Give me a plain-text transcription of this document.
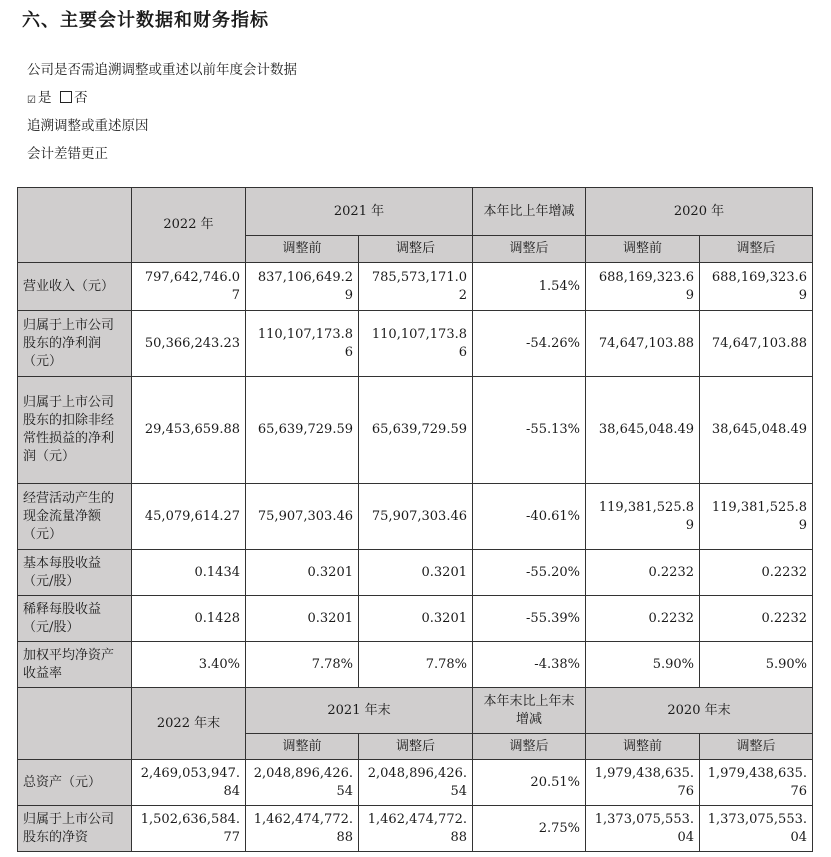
六、主要会计数据和财务指标
公司是否需追溯调整或重述以前年度会计数据
☑ 是 否
追溯调整或重述原因
会计差错更正
	2022 年	2021 年		本年比上年增减	2020 年	
		调整前	调整后	调整后	调整前	调整后
营业收入（元）	797,642,746.07	837,106,649.29	785,573,171.02	1.54%	688,169,323.69	688,169,323.69
归属于上市公司股东的净利润（元）	50,366,243.23	110,107,173.86	110,107,173.86	-54.26%	74,647,103.88	74,647,103.88
归属于上市公司股东的扣除非经常性损益的净利润（元）	29,453,659.88	65,639,729.59	65,639,729.59	-55.13%	38,645,048.49	38,645,048.49
经营活动产生的现金流量净额（元）	45,079,614.27	75,907,303.46	75,907,303.46	-40.61%	119,381,525.89	119,381,525.89
基本每股收益（元/股）	0.1434	0.3201	0.3201	-55.20%	0.2232	0.2232
稀释每股收益（元/股）	0.1428	0.3201	0.3201	-55.39%	0.2232	0.2232
加权平均净资产收益率	3.40%	7.78%	7.78%	-4.38%	5.90%	5.90%
	2022 年末	2021 年末		本年末比上年末增减	2020 年末	
		调整前	调整后	调整后	调整前	调整后
总资产（元）	2,469,053,947.84	2,048,896,426.54	2,048,896,426.54	20.51%	1,979,438,635.76	1,979,438,635.76
归属于上市公司股东的净资	1,502,636,584.77	1,462,474,772.88	1,462,474,772.88	2.75%	1,373,075,553.04	1,373,075,553.04
